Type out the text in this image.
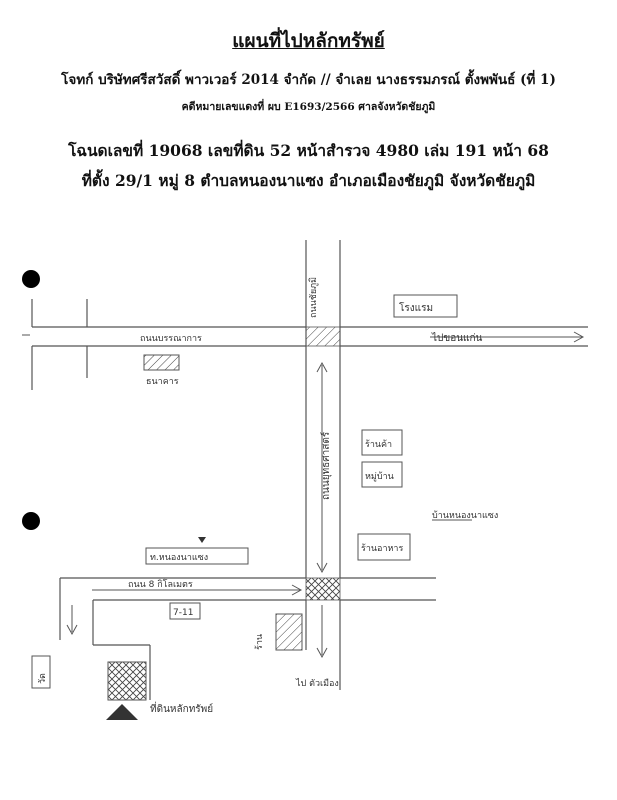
แผนที่ไปหลักทรัพย์
โจทก์ บริษัทศรีสวัสดิ์ พาวเวอร์ 2014 จำกัด // จำเลย นางธรรมภรณ์ ตั้งพพันธ์ (ที่ 1)
คดีหมายเลขแดงที่ ผบ E1693/2566 ศาลจังหวัดชัยภูมิ
โฉนดเลขที่ 19068 เลขที่ดิน 52 หน้าสำรวจ 4980 เล่ม 191 หน้า 68
ที่ตั้ง 29/1 หมู่ 8 ตำบลหนองนาแซง อำเภอเมืองชัยภูมิ จังหวัดชัยภูมิ
โรงแรม
ไปขอนแก่น
ถนนบรรณาการ
ธนาคาร
ถนนชัยภูมิ
ถนนยุทธศาสตร์	ร้านค้า
หมู่บ้าน
ร้านอาหาร
บ้านหนองนาแซง
ท.หนองนาแซง
ถนน 8 กิโลเมตร
7-11
วัด
ร้าน
ไป ตัวเมือง
ที่ดินหลักทรัพย์
